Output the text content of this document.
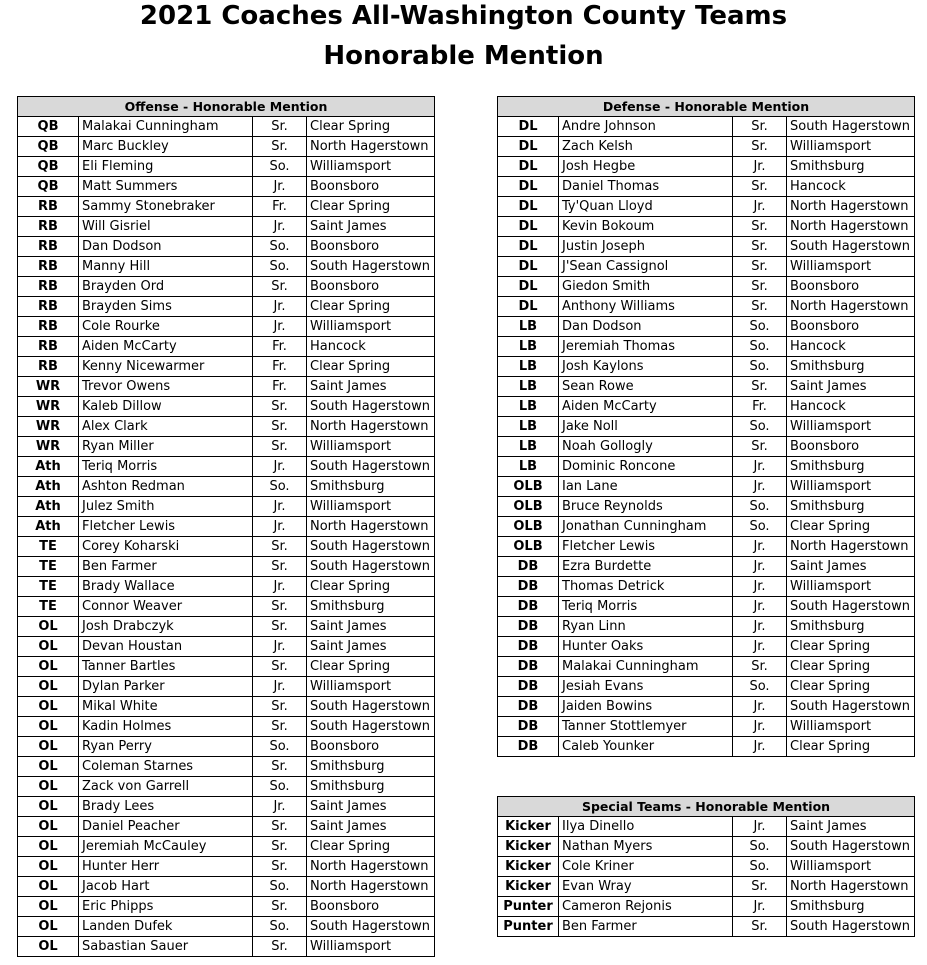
2021 Coaches All-Washington County Teams
Honorable Mention
Offense - Honorable Mention			
QB	Malakai Cunningham	Sr.	Clear Spring
QB	Marc Buckley	Sr.	North Hagerstown
QB	Eli Fleming	So.	Williamsport
QB	Matt Summers	Jr.	Boonsboro
RB	Sammy Stonebraker	Fr.	Clear Spring
RB	Will Gisriel	Jr.	Saint James
RB	Dan Dodson	So.	Boonsboro
RB	Manny Hill	So.	South Hagerstown
RB	Brayden Ord	Sr.	Boonsboro
RB	Brayden Sims	Jr.	Clear Spring
RB	Cole Rourke	Jr.	Williamsport
RB	Aiden McCarty	Fr.	Hancock
RB	Kenny Nicewarmer	Fr.	Clear Spring
WR	Trevor Owens	Fr.	Saint James
WR	Kaleb Dillow	Sr.	South Hagerstown
WR	Alex Clark	Sr.	North Hagerstown
WR	Ryan Miller	Sr.	Williamsport
Ath	Teriq Morris	Jr.	South Hagerstown
Ath	Ashton Redman	So.	Smithsburg
Ath	Julez Smith	Jr.	Williamsport
Ath	Fletcher Lewis	Jr.	North Hagerstown
TE	Corey Koharski	Sr.	South Hagerstown
TE	Ben Farmer	Sr.	South Hagerstown
TE	Brady Wallace	Jr.	Clear Spring
TE	Connor Weaver	Sr.	Smithsburg
OL	Josh Drabczyk	Sr.	Saint James
OL	Devan Houstan	Jr.	Saint James
OL	Tanner Bartles	Sr.	Clear Spring
OL	Dylan Parker	Jr.	Williamsport
OL	Mikal White	Sr.	South Hagerstown
OL	Kadin Holmes	Sr.	South Hagerstown
OL	Ryan Perry	So.	Boonsboro
OL	Coleman Starnes	Sr.	Smithsburg
OL	Zack von Garrell	So.	Smithsburg
OL	Brady Lees	Jr.	Saint James
OL	Daniel Peacher	Sr.	Saint James
OL	Jeremiah McCauley	Sr.	Clear Spring
OL	Hunter Herr	Sr.	North Hagerstown
OL	Jacob Hart	So.	North Hagerstown
OL	Eric Phipps	Sr.	Boonsboro
OL	Landen Dufek	So.	South Hagerstown
OL	Sabastian Sauer	Sr.	Williamsport
Defense - Honorable Mention			
DL	Andre Johnson	Sr.	South Hagerstown
DL	Zach Kelsh	Sr.	Williamsport
DL	Josh Hegbe	Jr.	Smithsburg
DL	Daniel Thomas	Sr.	Hancock
DL	Ty'Quan Lloyd	Jr.	North Hagerstown
DL	Kevin Bokoum	Sr.	North Hagerstown
DL	Justin Joseph	Sr.	South Hagerstown
DL	J'Sean Cassignol	Sr.	Williamsport
DL	Giedon Smith	Sr.	Boonsboro
DL	Anthony Williams	Sr.	North Hagerstown
LB	Dan Dodson	So.	Boonsboro
LB	Jeremiah Thomas	So.	Hancock
LB	Josh Kaylons	So.	Smithsburg
LB	Sean Rowe	Sr.	Saint James
LB	Aiden McCarty	Fr.	Hancock
LB	Jake Noll	So.	Williamsport
LB	Noah Gollogly	Sr.	Boonsboro
LB	Dominic Roncone	Jr.	Smithsburg
OLB	Ian Lane	Jr.	Williamsport
OLB	Bruce Reynolds	So.	Smithsburg
OLB	Jonathan Cunningham	So.	Clear Spring
OLB	Fletcher Lewis	Jr.	North Hagerstown
DB	Ezra Burdette	Jr.	Saint James
DB	Thomas Detrick	Jr.	Williamsport
DB	Teriq Morris	Jr.	South Hagerstown
DB	Ryan Linn	Jr.	Smithsburg
DB	Hunter Oaks	Jr.	Clear Spring
DB	Malakai Cunningham	Sr.	Clear Spring
DB	Jesiah Evans	So.	Clear Spring
DB	Jaiden Bowins	Jr.	South Hagerstown
DB	Tanner Stottlemyer	Jr.	Williamsport
DB	Caleb Younker	Jr.	Clear Spring
Special Teams - Honorable Mention			
Kicker	Ilya Dinello	Jr.	Saint James
Kicker	Nathan Myers	So.	South Hagerstown
Kicker	Cole Kriner	So.	Williamsport
Kicker	Evan Wray	Sr.	North Hagerstown
Punter	Cameron Rejonis	Jr.	Smithsburg
Punter	Ben Farmer	Sr.	South Hagerstown
